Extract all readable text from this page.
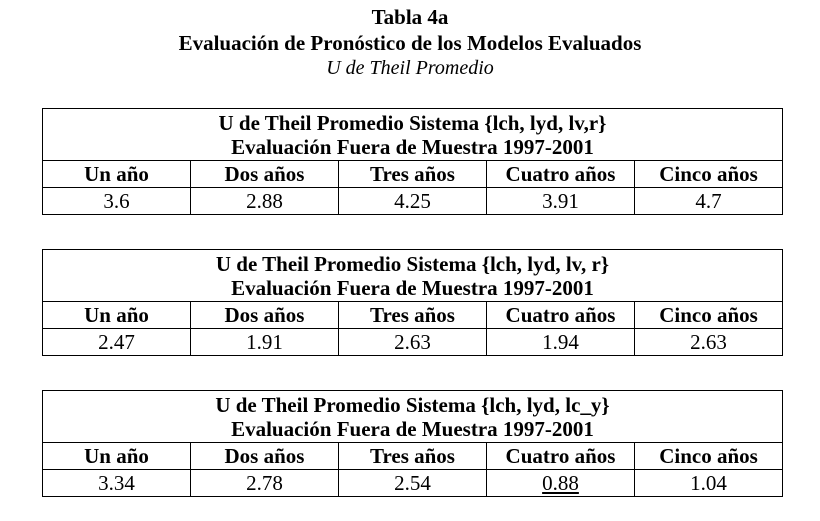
Tabla 4a
Evaluación de Pronóstico de los Modelos Evaluados
U de Theil Promedio
U de Theil Promedio Sistema {lch, lyd, lv,r}
Evaluación Fuera de Muestra 1997-2001				

Un año	Dos años	Tres años	Cuatro años	Cinco años
3.6	2.88	4.25	3.91	4.7
U de Theil Promedio Sistema {lch, lyd, lv, r}
Evaluación Fuera de Muestra 1997-2001				

Un año	Dos años	Tres años	Cuatro años	Cinco años
2.47	1.91	2.63	1.94	2.63
U de Theil Promedio Sistema {lch, lyd, lc_y}
Evaluación Fuera de Muestra 1997-2001				

Un año	Dos años	Tres años	Cuatro años	Cinco años
3.34	2.78	2.54	0.88	1.04
